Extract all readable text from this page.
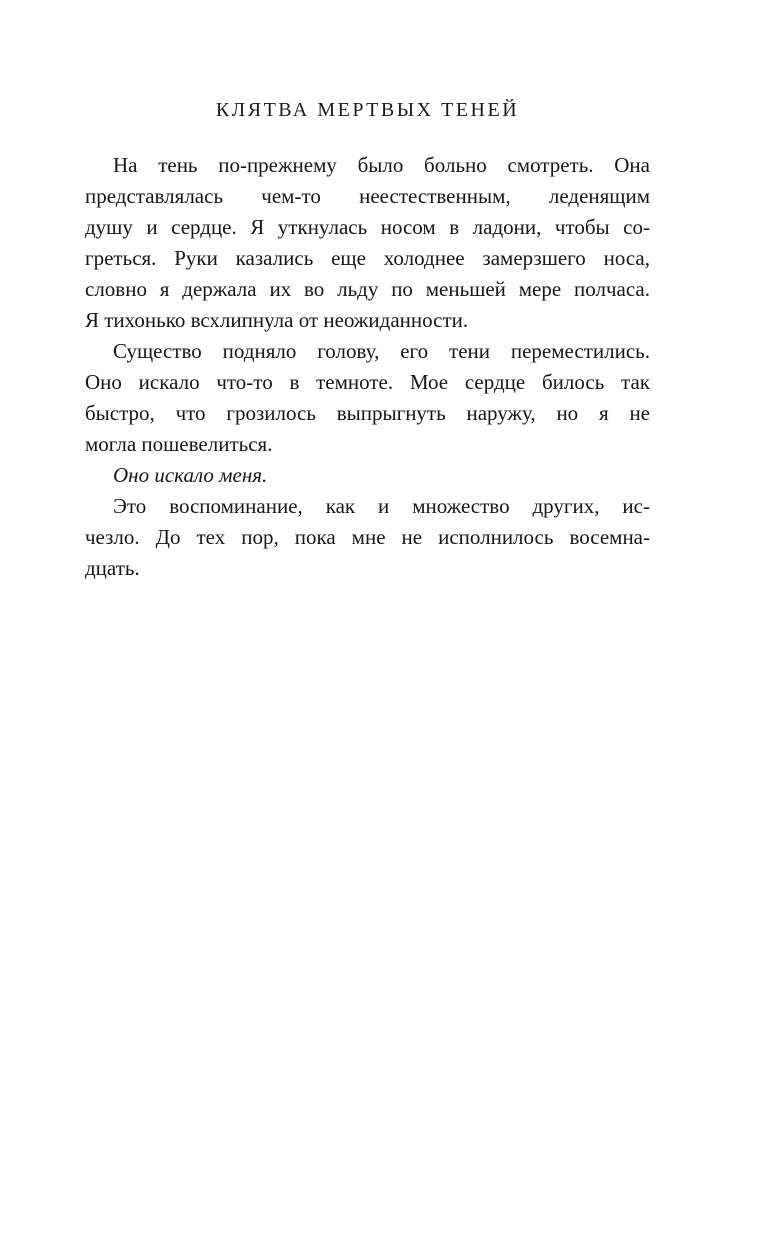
КЛЯТВА МЕРТВЫХ ТЕНЕЙ
На тень по-прежнему было больно смотреть. Она
представлялась чем-то неестественным, леденящим
душу и сердце. Я уткнулась носом в ладони, чтобы со-
греться. Руки казались еще холоднее замерзшего носа,
словно я держала их во льду по меньшей мере полчаса.
Я тихонько всхлипнула от неожиданности.
Существо подняло голову, его тени переместились.
Оно искало что-то в темноте. Мое сердце билось так
быстро, что грозилось выпрыгнуть наружу, но я не
могла пошевелиться.
Оно искало меня.
Это воспоминание, как и множество других, ис-
чезло. До тех пор, пока мне не исполнилось восемна-
дцать.
